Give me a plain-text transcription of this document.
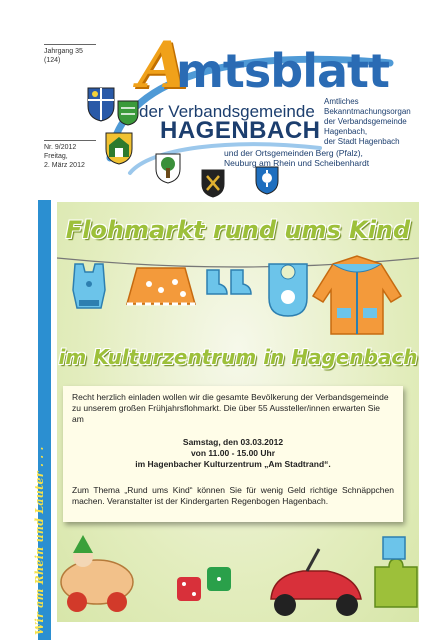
Wir am Rhein und Lauter . . .
Jahrgang 35
(124)
Nr. 9/2012
Freitag,
2. März 2012
A
mtsblatt
der Verbandsgemeinde
HAGENBACH
Amtliches
Bekanntmachungsorgan
der Verbandsgemeinde
Hagenbach,
der Stadt Hagenbach
und der Ortsgemeinden Berg (Pfalz),
Neuburg am Rhein und Scheibenhardt
Flohmarkt rund ums Kind
im Kulturzentrum in Hagenbach
Recht herzlich einladen wollen wir die gesamte Bevölkerung der Verbandsgemeinde zu unserem großen Frühjahrsflohmarkt. Die über 55 Aussteller/innen erwarten Sie am
Samstag, den 03.03.2012
von 11.00 - 15.00 Uhr
im Hagenbacher Kulturzentrum „Am Stadtrand“.
Zum Thema „Rund ums Kind“ können Sie für wenig Geld richtige Schnäppchen machen. Veranstalter ist der Kindergarten Regenbogen Hagenbach.
